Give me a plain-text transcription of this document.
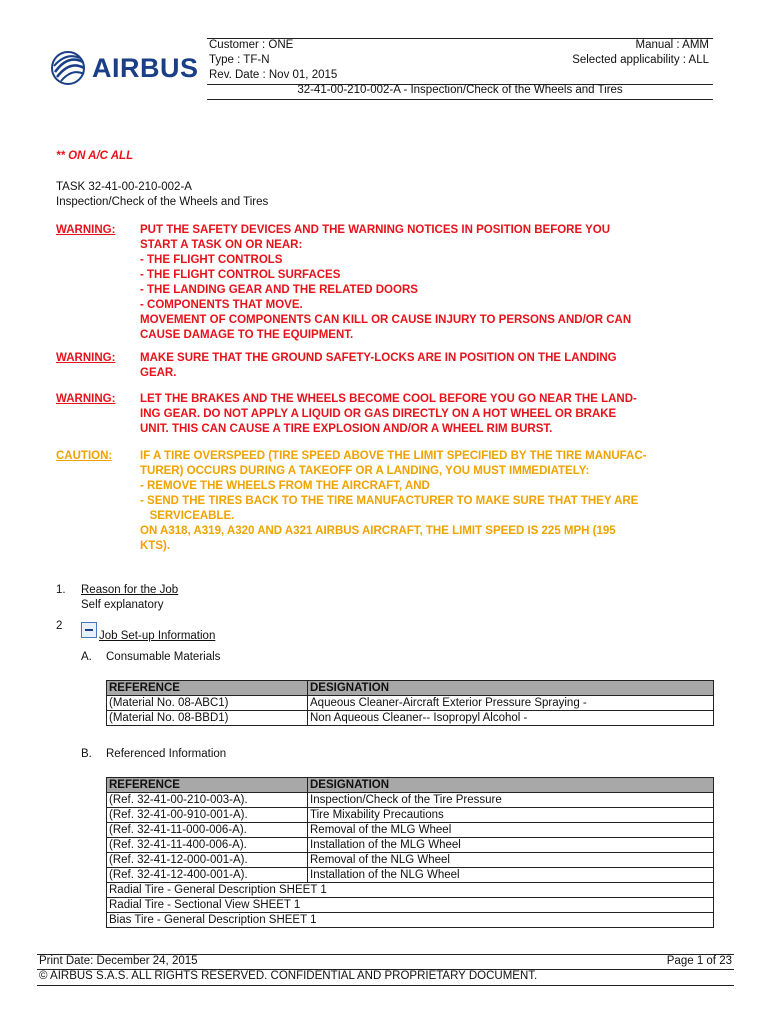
AIRBUS
Customer : ONE	Manual : AMM
Type : TF-N	Selected applicability : ALL
Rev. Date : Nov 01, 2015
32-41-00-210-002-A - Inspection/Check of the Wheels and Tires
** ON A/C ALL
TASK 32-41-00-210-002-A
Inspection/Check of the Wheels and Tires
WARNING: PUT THE SAFETY DEVICES AND THE WARNING NOTICES IN POSITION BEFORE YOU
START A TASK ON OR NEAR:
- THE FLIGHT CONTROLS
- THE FLIGHT CONTROL SURFACES
- THE LANDING GEAR AND THE RELATED DOORS
- COMPONENTS THAT MOVE.
MOVEMENT OF COMPONENTS CAN KILL OR CAUSE INJURY TO PERSONS AND/OR CAN
CAUSE DAMAGE TO THE EQUIPMENT.
WARNING: MAKE SURE THAT THE GROUND SAFETY-LOCKS ARE IN POSITION ON THE LANDING
GEAR.
WARNING: LET THE BRAKES AND THE WHEELS BECOME COOL BEFORE YOU GO NEAR THE LAND-
ING GEAR. DO NOT APPLY A LIQUID OR GAS DIRECTLY ON A HOT WHEEL OR BRAKE
UNIT. THIS CAN CAUSE A TIRE EXPLOSION AND/OR A WHEEL RIM BURST.
CAUTION: IF A TIRE OVERSPEED (TIRE SPEED ABOVE THE LIMIT SPECIFIED BY THE TIRE MANUFAC-
TURER) OCCURS DURING A TAKEOFF OR A LANDING, YOU MUST IMMEDIATELY:
- REMOVE THE WHEELS FROM THE AIRCRAFT, AND
- SEND THE TIRES BACK TO THE TIRE MANUFACTURER TO MAKE SURE THAT THEY ARE
SERVICEABLE.
ON A318, A319, A320 AND A321 AIRBUS AIRCRAFT, THE LIMIT SPEED IS 225 MPH (195
KTS).
1. Reason for the Job
Self explanatory
2
Job Set-up Information
A. Consumable Materials
REFERENCE	DESIGNATION
(Material No. 08-ABC1)	Aqueous Cleaner-Aircraft Exterior Pressure Spraying -
(Material No. 08-BBD1)	Non Aqueous Cleaner-- Isopropyl Alcohol -
B. Referenced Information
REFERENCE	DESIGNATION
(Ref. 32-41-00-210-003-A).	Inspection/Check of the Tire Pressure
(Ref. 32-41-00-910-001-A).	Tire Mixability Precautions
(Ref. 32-41-11-000-006-A).	Removal of the MLG Wheel
(Ref. 32-41-11-400-006-A).	Installation of the MLG Wheel
(Ref. 32-41-12-000-001-A).	Removal of the NLG Wheel
(Ref. 32-41-12-400-001-A).	Installation of the NLG Wheel
Radial Tire - General Description SHEET 1	
Radial Tire - Sectional View SHEET 1	
Bias Tire - General Description SHEET 1	
Print Date: December 24, 2015	Page 1 of 23
© AIRBUS S.A.S. ALL RIGHTS RESERVED. CONFIDENTIAL AND PROPRIETARY DOCUMENT.
